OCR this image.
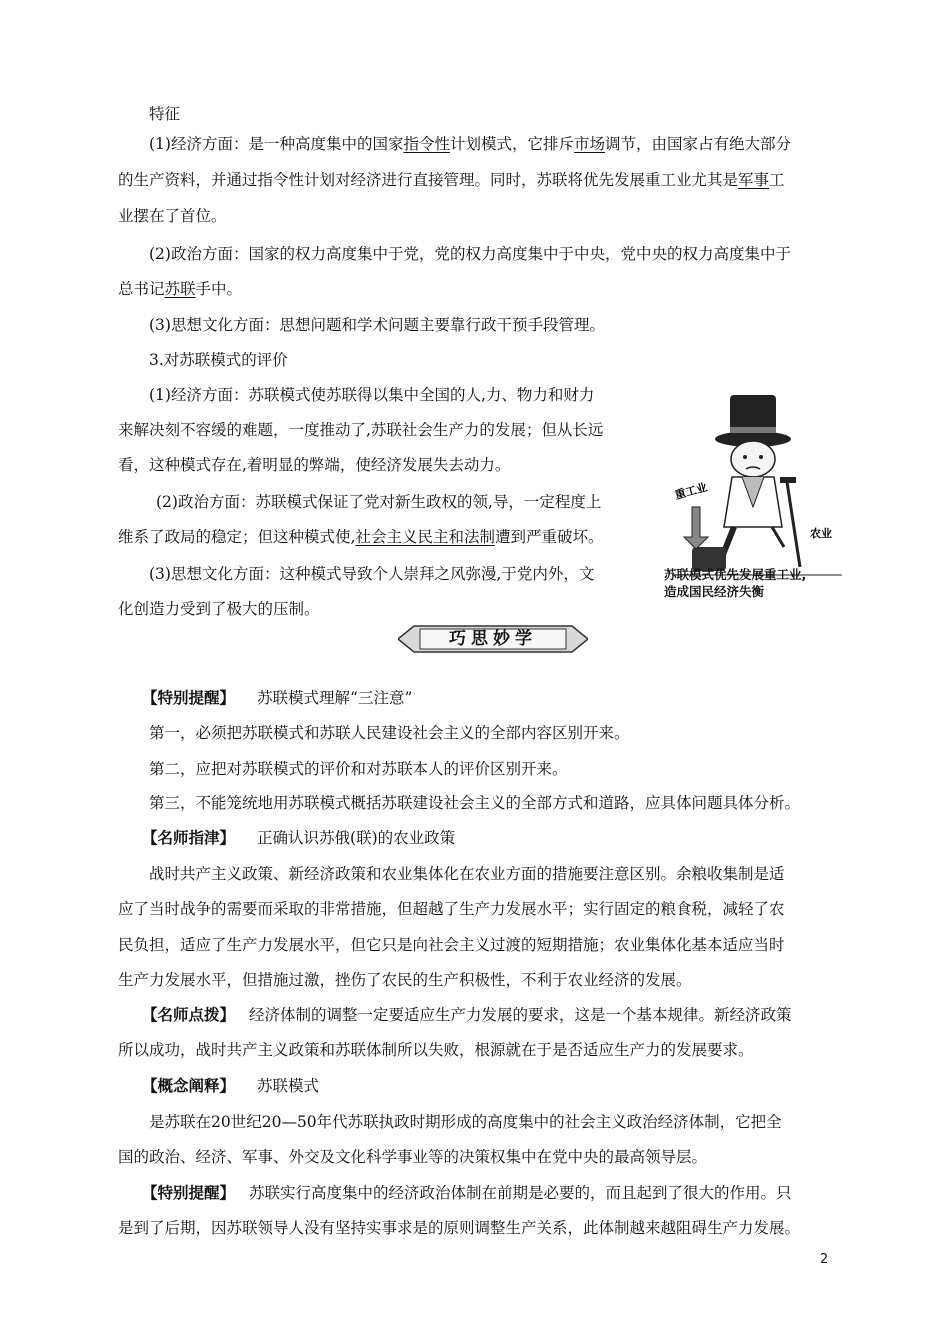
特征
(1)经济方面：是一种高度集中的国家指令性计划模式，它排斥市场调节，由国家占有绝大部分
的生产资料，并通过指令性计划对经济进行直接管理。同时，苏联将优先发展重工业尤其是军事工
业摆在了首位。
(2)政治方面：国家的权力高度集中于党，党的权力高度集中于中央，党中央的权力高度集中于
总书记苏联手中。
(3)思想文化方面：思想问题和学术问题主要靠行政干预手段管理。
3.对苏联模式的评价
(1)经济方面：苏联模式使苏联得以集中全国的人,力、物力和财力
来解决刻不容缓的难题，一度推动了,苏联社会生产力的发展；但从长远
看，这种模式存在,着明显的弊端，使经济发展失去动力。
(2)政治方面：苏联模式保证了党对新生政权的领,导，一定程度上
维系了政局的稳定；但这种模式使,社会主义民主和法制遭到严重破坏。
(3)思想文化方面：这种模式导致个人崇拜之风弥漫,于党内外，文
化创造力受到了极大的压制。
重工业
农业
苏联模式优先发展重工业,
造成国民经济失衡
巧思妙学
【特别提醒】 苏联模式理解“三注意”
第一，必须把苏联模式和苏联人民建设社会主义的全部内容区别开来。
第二，应把对苏联模式的评价和对苏联本人的评价区别开来。
第三，不能笼统地用苏联模式概括苏联建设社会主义的全部方式和道路，应具体问题具体分析。
【名师指津】 正确认识苏俄(联)的农业政策
战时共产主义政策、新经济政策和农业集体化在农业方面的措施要注意区别。余粮收集制是适
应了当时战争的需要而采取的非常措施，但超越了生产力发展水平；实行固定的粮食税，减轻了农
民负担，适应了生产力发展水平，但它只是向社会主义过渡的短期措施；农业集体化基本适应当时
生产力发展水平，但措施过激，挫伤了农民的生产积极性，不利于农业经济的发展。
【名师点拨】 经济体制的调整一定要适应生产力发展的要求，这是一个基本规律。新经济政策
所以成功，战时共产主义政策和苏联体制所以失败，根源就在于是否适应生产力的发展要求。
【概念阐释】 苏联模式
是苏联在20世纪20—50年代苏联执政时期形成的高度集中的社会主义政治经济体制，它把全
国的政治、经济、军事、外交及文化科学事业等的决策权集中在党中央的最高领导层。
【特别提醒】 苏联实行高度集中的经济政治体制在前期是必要的，而且起到了很大的作用。只
是到了后期，因苏联领导人没有坚持实事求是的原则调整生产关系，此体制越来越阻碍生产力发展。
2
